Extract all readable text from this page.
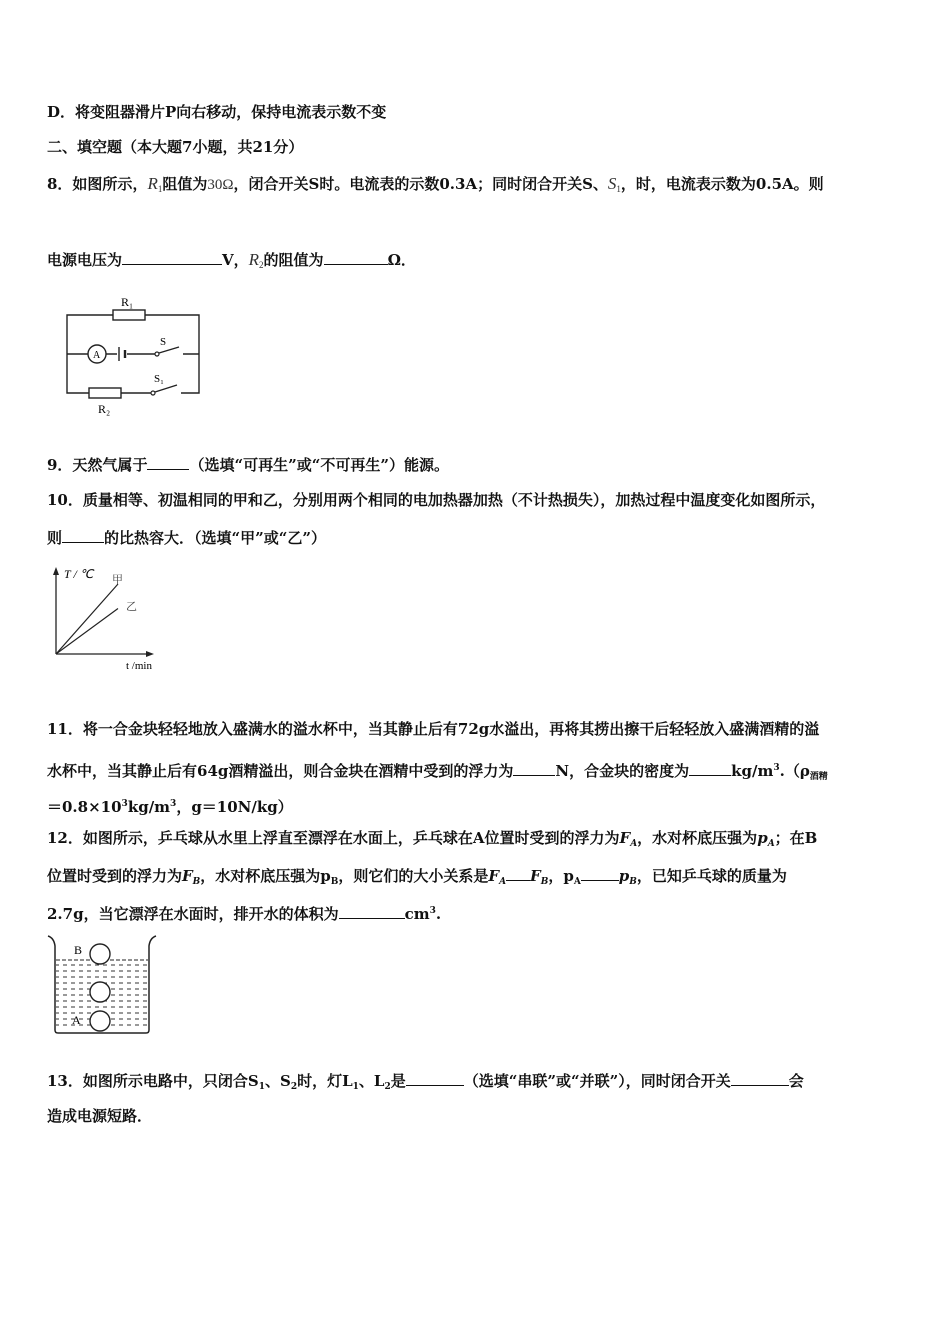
D．将变阻器滑片P向右移动，保持电流表示数不变
二、填空题（本大题7小题，共21分）
8．如图所示，$R_1$阻值为30Ω，闭合开关S时。电流表的示数0.3A；同时闭合开关S、$S_1$，时，电流表示数为0.5A。则
电源电压为	V，$R_2$的阻值为	Ω．
R₁
R₂
A
S
S₁
9．天然气属于	（选填“可再生”或“不可再生”）能源。
10．质量相等、初温相同的甲和乙，分别用两个相同的电加热器加热（不计热损失），加热过程中温度变化如图所示，
则	的比热容大．（选填“甲”或“乙”）
T / ℃
t /min
甲
乙
11．将一合金块轻轻地放入盛满水的溢水杯中，当其静止后有72g水溢出，再将其捞出擦干后轻轻放入盛满酒精的溢
水杯中，当其静止后有64g酒精溢出，则合金块在酒精中受到的浮力为	N，合金块的密度为	$kg/m^3.(\rho_{酒精}$
$=0.8\times 10^3kg/m^3$，g＝10N/kg）
12．如图所示，乒乓球从水里上浮直至漂浮在水面上，乒乓球在A位置时受到的浮力为$F_A$，水对杯底压强为$p_A$；在B
位置时受到的浮力为$F_B$，水对杯底压强为$p_B$，则它们的大小关系是$F_A$ $F_B$，$p_A$	$p_B$，已知乒乓球的质量为
2.7g，当它漂浮在水面时，排开水的体积为	$cm^3$.
B
A
13．如图所示电路中，只闭合$S_1$、$S_2$时，灯$L_1$、$L_2$是	（选填“串联”或“并联”），同时闭合开关	会
造成电源短路．
